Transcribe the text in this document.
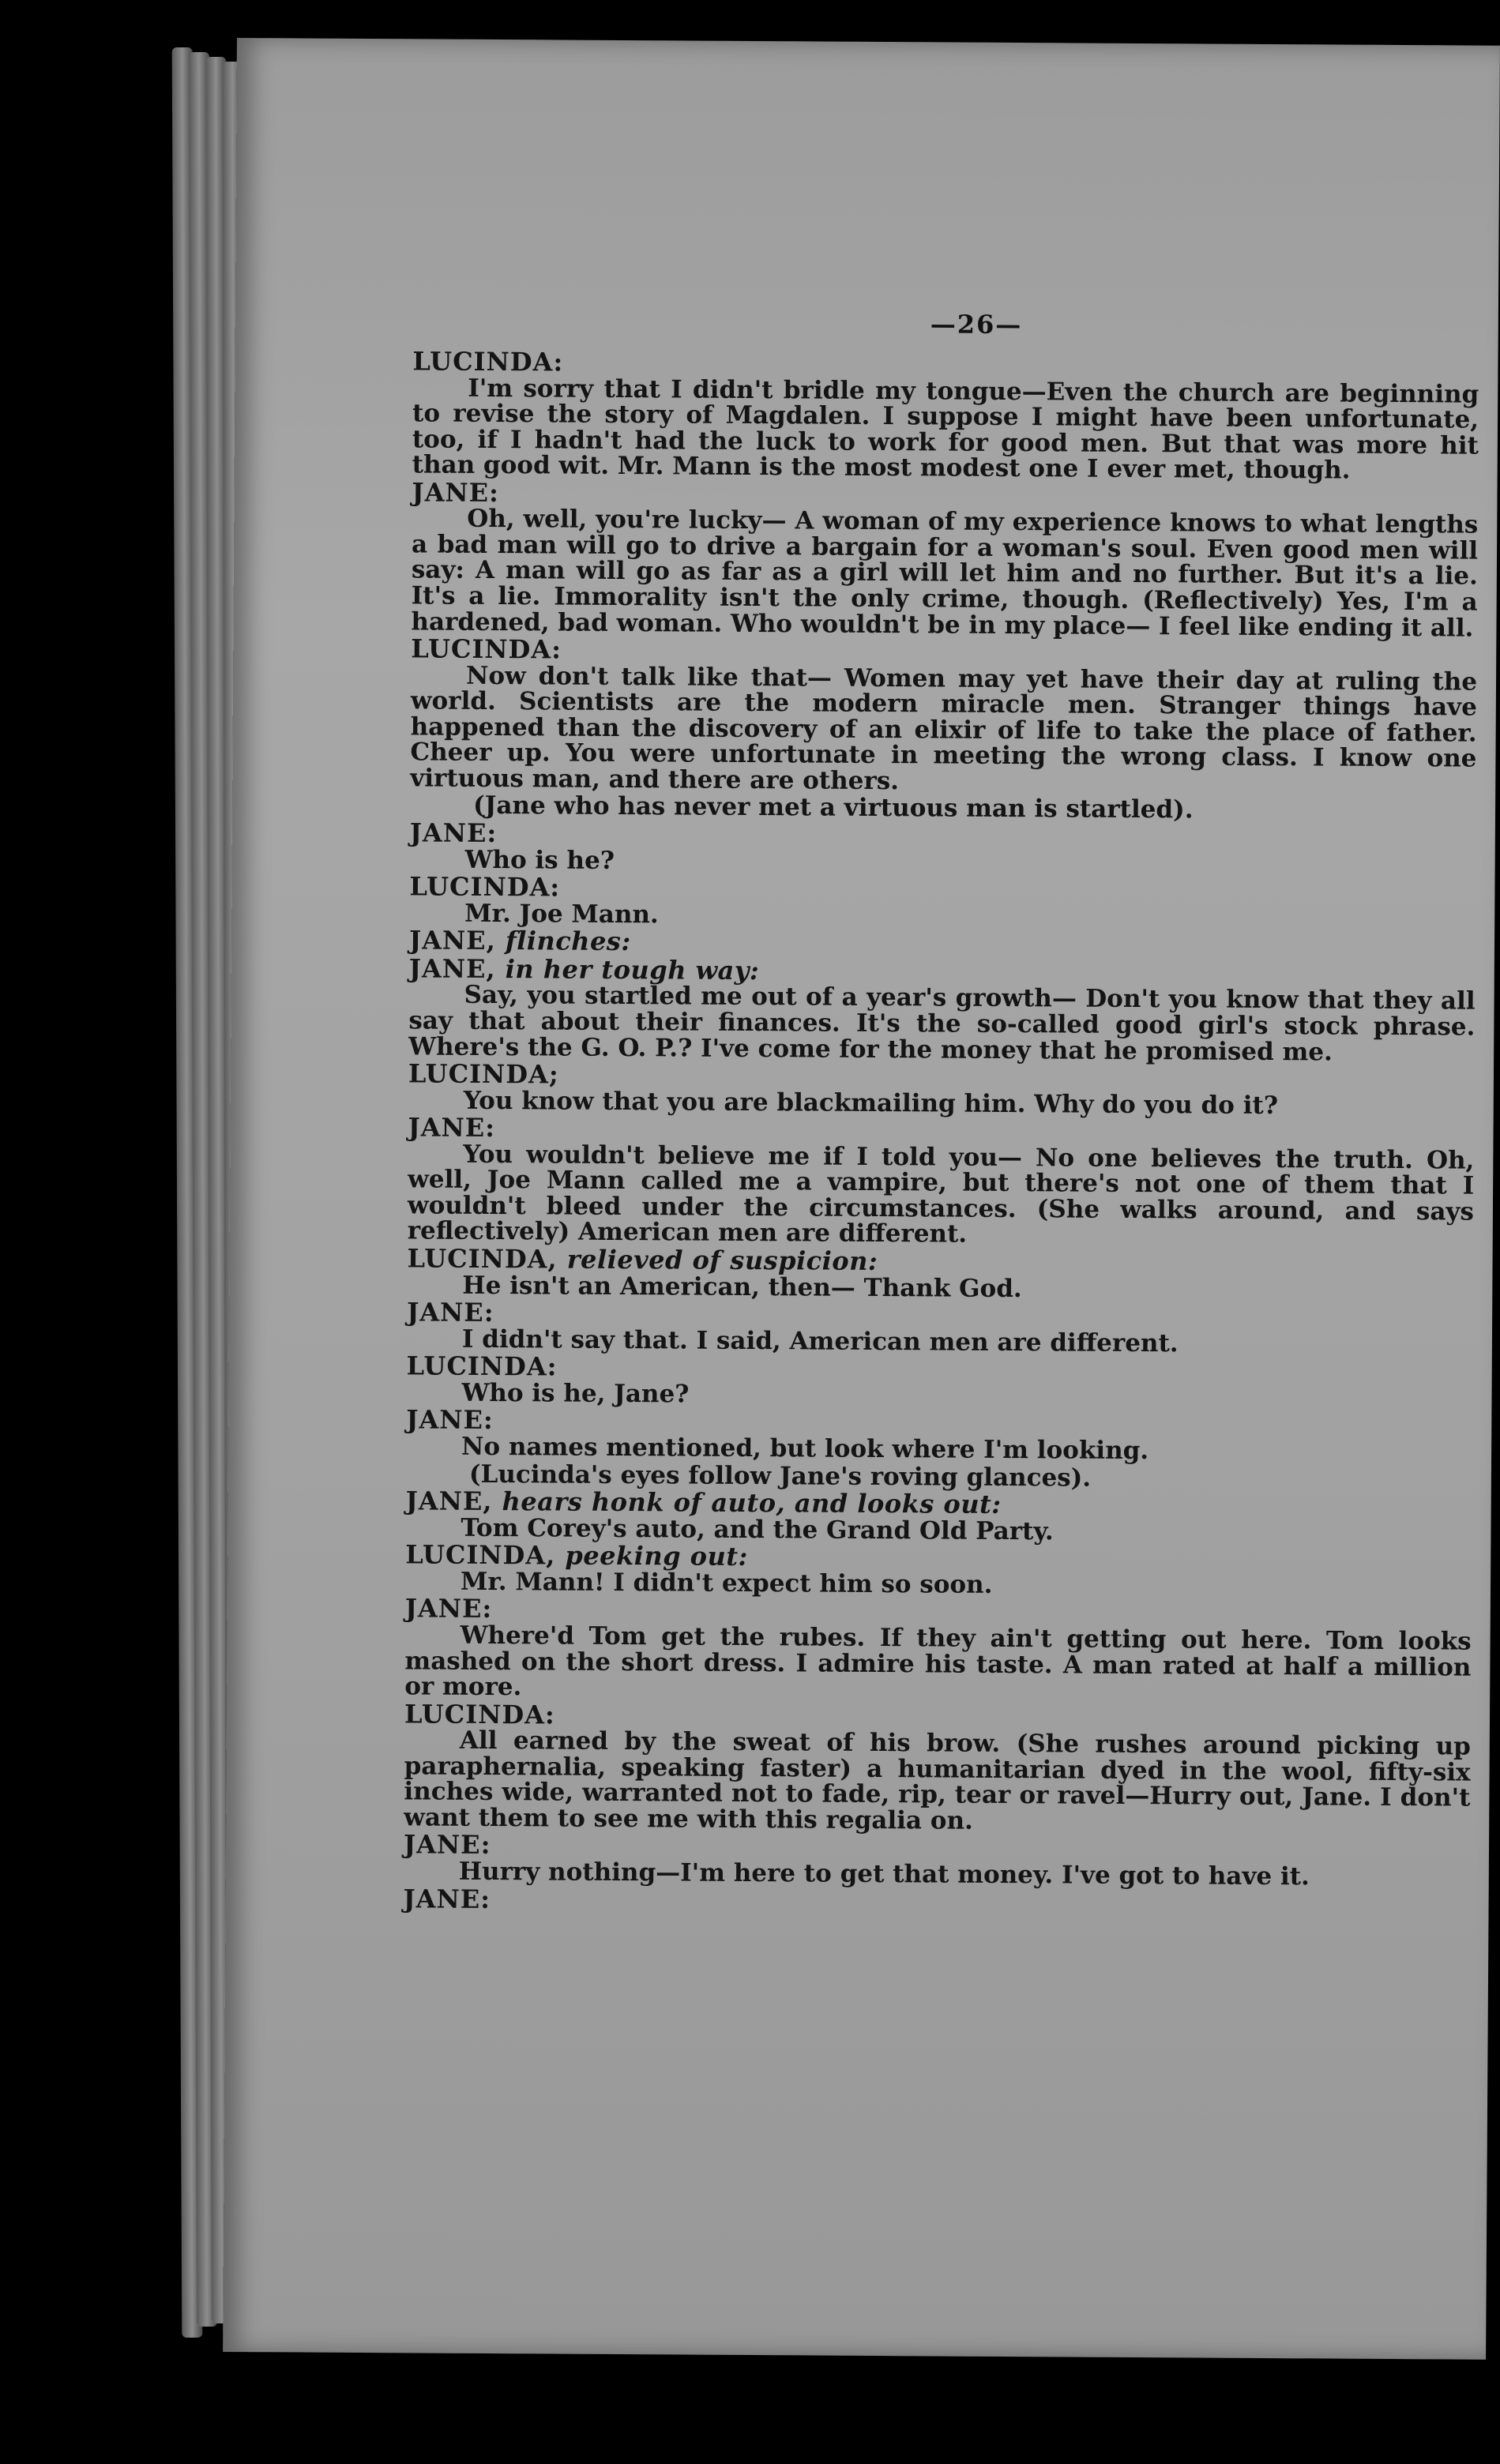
—26—
LUCINDA:
I'm sorry that I didn't bridle my tongue—Even the church are beginning to revise the story of Magdalen. I suppose I might have been unfortunate, too, if I hadn't had the luck to work for good men. But that was more hit than good wit. Mr. Mann is the most modest one I ever met, though.
JANE:
Oh, well, you're lucky— A woman of my experience knows to what lengths a bad man will go to drive a bargain for a woman's soul. Even good men will say: A man will go as far as a girl will let him and no further. But it's a lie. It's a lie. Immorality isn't the only crime, though. (Reflectively) Yes, I'm a hardened, bad woman. Who wouldn't be in my place— I feel like ending it all.
LUCINDA:
Now don't talk like that— Women may yet have their day at ruling the world. Scientists are the modern miracle men. Stranger things have happened than the discovery of an elixir of life to take the place of father. Cheer up. You were unfortunate in meeting the wrong class. I know one virtuous man, and there are others.
(Jane who has never met a virtuous man is startled).
JANE:
Who is he?
LUCINDA:
Mr. Joe Mann.
JANE, flinches:
JANE, in her tough way:
Say, you startled me out of a year's growth— Don't you know that they all say that about their finances. It's the so-called good girl's stock phrase. Where's the G. O. P.? I've come for the money that he promised me.
LUCINDA;
You know that you are blackmailing him. Why do you do it?
JANE:
You wouldn't believe me if I told you— No one believes the truth. Oh, well, Joe Mann called me a vampire, but there's not one of them that I wouldn't bleed under the circumstances. (She walks around, and says reflectively) American men are different.
LUCINDA, relieved of suspicion:
He isn't an American, then— Thank God.
JANE:
I didn't say that. I said, American men are different.
LUCINDA:
Who is he, Jane?
JANE:
No names mentioned, but look where I'm looking.
(Lucinda's eyes follow Jane's roving glances).
JANE, hears honk of auto, and looks out:
Tom Corey's auto, and the Grand Old Party.
LUCINDA, peeking out:
Mr. Mann! I didn't expect him so soon.
JANE:
Where'd Tom get the rubes. If they ain't getting out here. Tom looks mashed on the short dress. I admire his taste. A man rated at half a million or more.
LUCINDA:
All earned by the sweat of his brow. (She rushes around picking up paraphernalia, speaking faster) a humanitarian dyed in the wool, fifty-six inches wide, warranted not to fade, rip, tear or ravel—Hurry out, Jane. I don't want them to see me with this regalia on.
JANE:
Hurry nothing—I'm here to get that money. I've got to have it.
JANE:
